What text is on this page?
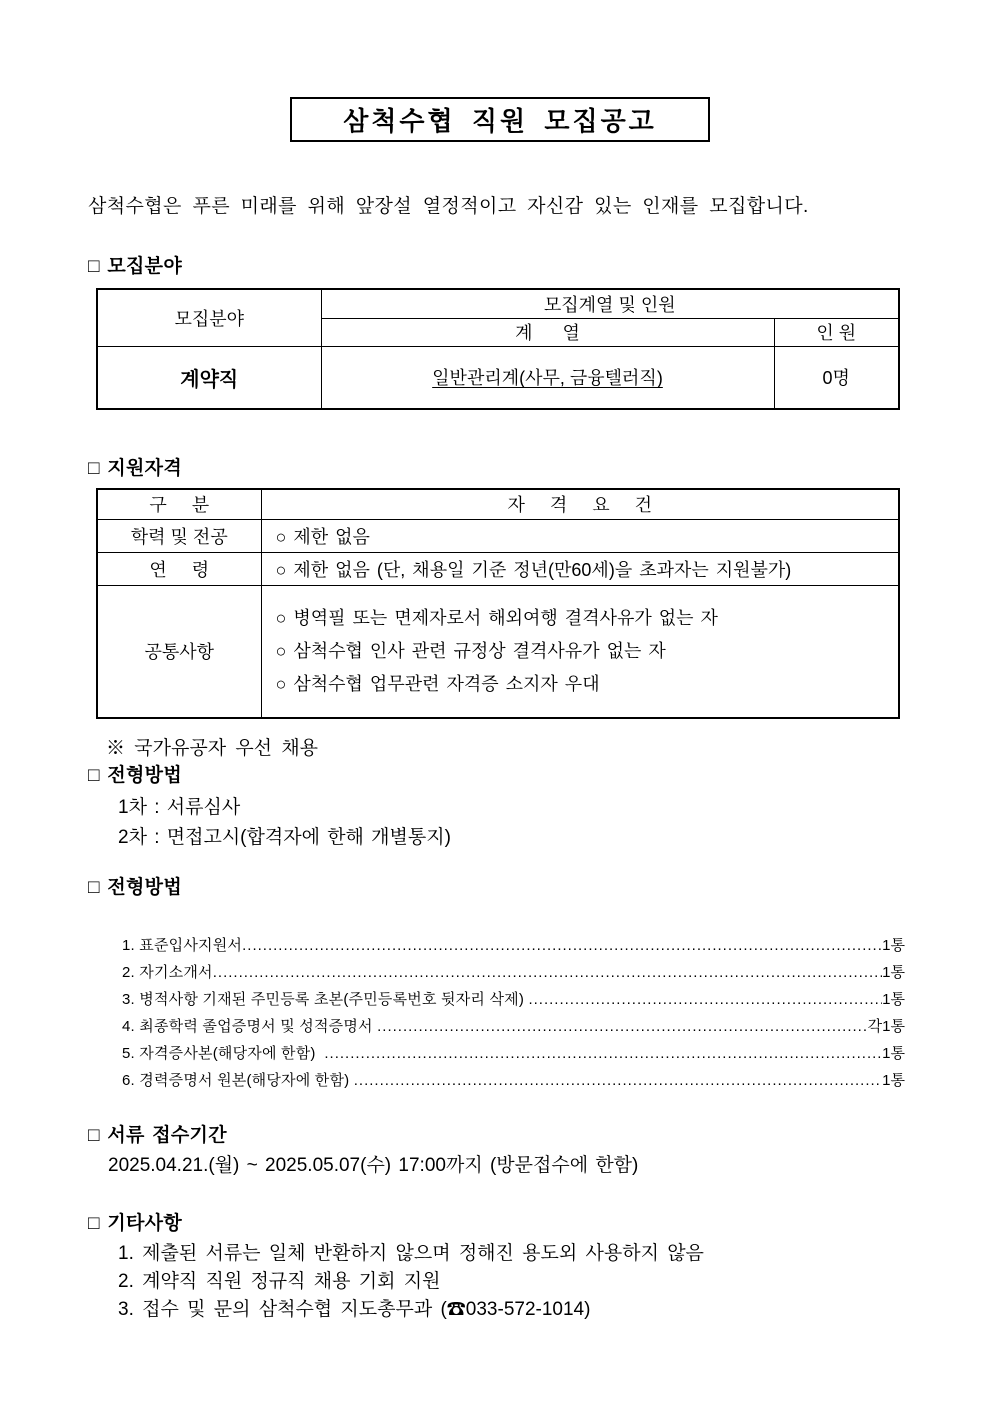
삼척수협 직원 모집공고

삼척수협은 푸른 미래를 위해 앞장설 열정적이고 자신감 있는 인재를 모집합니다.

□ 모집분야
모집분야	모집계열 및 인원	
	계      열	인 원
계약직	일반관리계(사무, 금융텔러직)	0명
□ 지원자격
구     분	자     격     요     건
학력 및 전공	○ 제한 없음
연     령	○ 제한 없음 (단, 채용일 기준 정년(만60세)을 초과자는 지원불가)
공통사항	○ 병역필 또는 면제자로서 해외여행 결격사유가 없는 자
○ 삼척수협 인사 관련 규정상 결격사유가 없는 자
○ 삼척수협 업무관련 자격증 소지자 우대

※ 국가유공자 우선 채용

□ 전형방법

1차 : 서류심사

2차 : 면접고시(합격자에 한해 개별통지)

□ 전형방법
1. 표준입사지원서 .....	1통
2. 자기소개서 .....	1통
3. 병적사항 기재된 주민등록 초본(주민등록번호 뒷자리 삭제) .....	1통
4. 최종학력 졸업증명서 및 성적증명서 .....	각1통
5. 자격증사본(해당자에 한함) .....	1통
6. 경력증명서 원본(해당자에 한함) .....	1통
□ 서류 접수기간

2025.04.21.(월) ~ 2025.05.07(수) 17:00까지 (방문접수에 한함)

□ 기타사항

1. 제출된 서류는 일체 반환하지 않으며 정해진 용도외 사용하지 않음

2. 계약직 직원 정규직 채용 기회 지원

3. 접수 및 문의 삼척수협 지도총무과 (☎033-572-1014)
